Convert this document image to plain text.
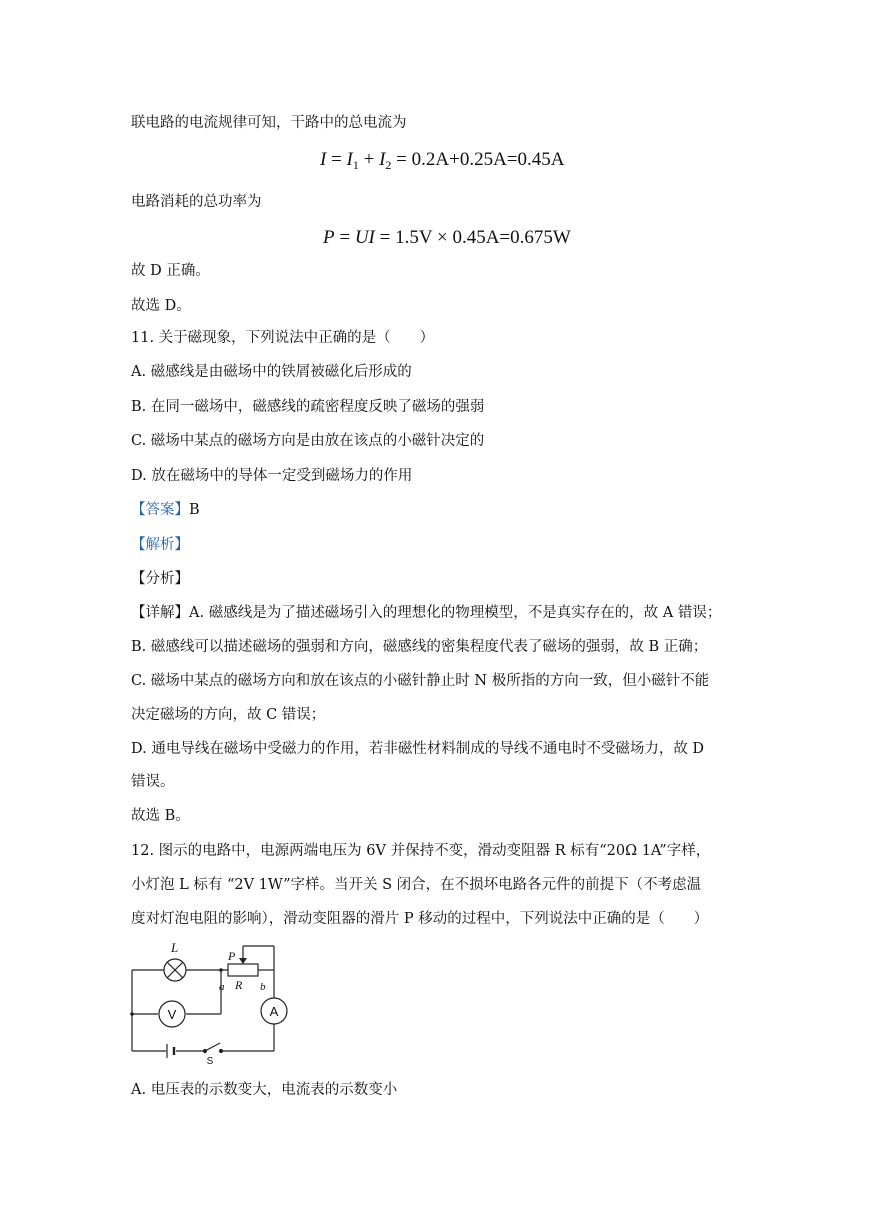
联电路的电流规律可知，干路中的总电流为
$I = I_1 + I_2 = 0.2A+0.25A=0.45A$
电路消耗的总功率为
P = UI = 1.5V × 0.45A=0.675W
故 D 正确。
故选 D。
11. 关于磁现象，下列说法中正确的是（　　）
A. 磁感线是由磁场中的铁屑被磁化后形成的
B. 在同一磁场中，磁感线的疏密程度反映了磁场的强弱
C. 磁场中某点的磁场方向是由放在该点的小磁针决定的
D. 放在磁场中的导体一定受到磁场力的作用
【答案】B
【解析】
【分析】
【详解】A. 磁感线是为了描述磁场引入的理想化的物理模型，不是真实存在的，故 A 错误；
B. 磁感线可以描述磁场的强弱和方向，磁感线的密集程度代表了磁场的强弱，故 B 正确；
C. 磁场中某点的磁场方向和放在该点的小磁针静止时 N 极所指的方向一致，但小磁针不能
决定磁场的方向，故 C 错误；
D. 通电导线在磁场中受磁力的作用，若非磁性材料制成的导线不通电时不受磁场力，故 D
错误。
故选 B。
12. 图示的电路中，电源两端电压为 6V 并保持不变，滑动变阻器 R 标有“20Ω 1A”字样，
小灯泡 L 标有 “2V 1W”字样。当开关 S 闭合，在不损坏电路各元件的前提下（不考虑温
度对灯泡电阻的影响），滑动变阻器的滑片 P 移动的过程中，下列说法中正确的是（　　）
L
P
R
a	b
V	A
S
A. 电压表的示数变大，电流表的示数变小
